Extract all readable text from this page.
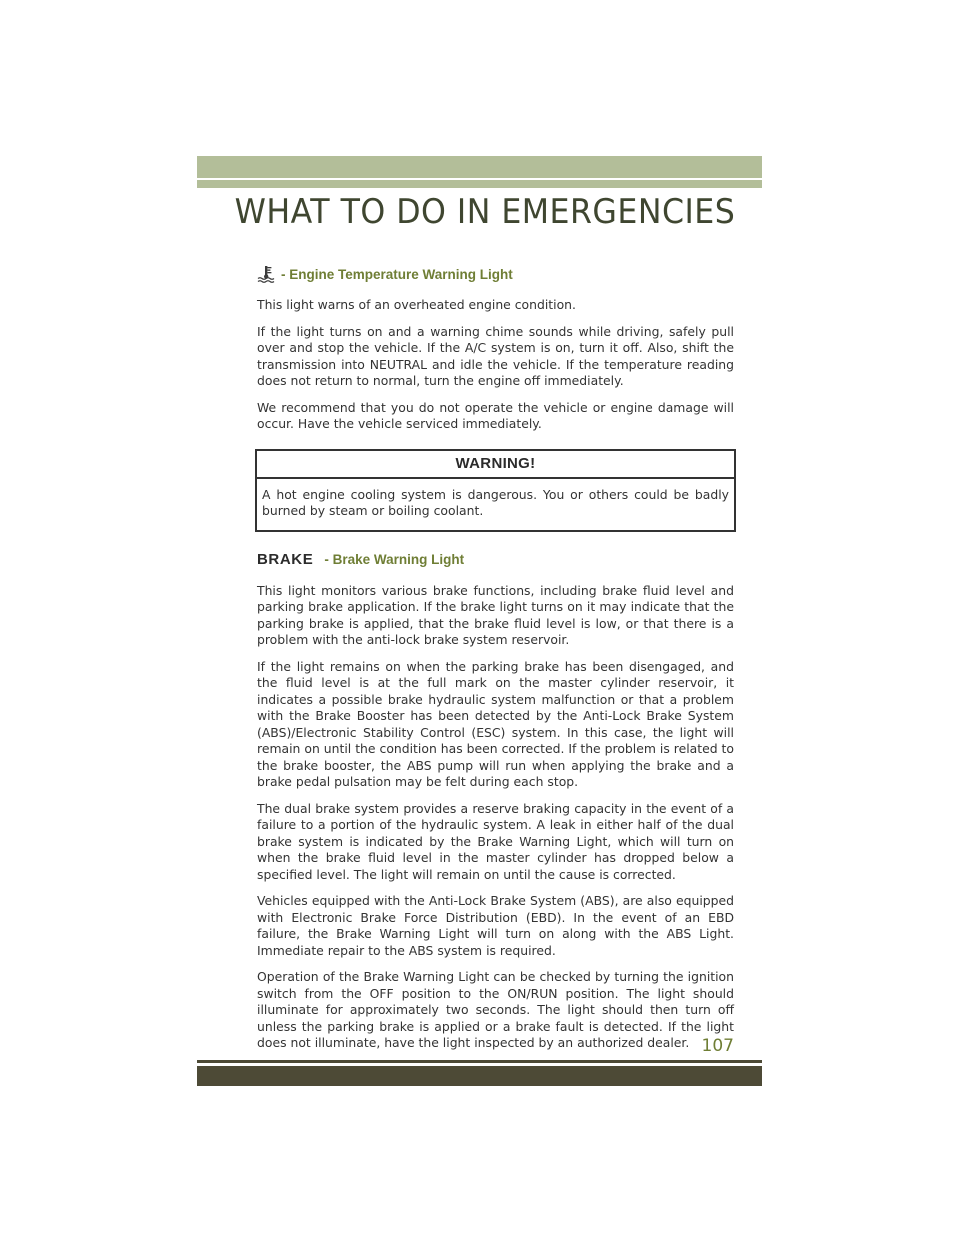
WHAT TO DO IN EMERGENCIES
- Engine Temperature Warning Light

This light warns of an overheated engine condition.

If the light turns on and a warning chime sounds while driving, safely pull over and stop the vehicle. If the A/C system is on, turn it off. Also, shift the transmission into NEUTRAL and idle the vehicle. If the temperature reading does not return to normal, turn the engine off immediately.

We recommend that you do not operate the vehicle or engine damage will occur. Have the vehicle serviced immediately.

WARNING!

A hot engine cooling system is dangerous. You or others could be badly burned by steam or boiling coolant.

BRAKE - Brake Warning Light

This light monitors various brake functions, including brake fluid level and parking brake application. If the brake light turns on it may indicate that the parking brake is applied, that the brake fluid level is low, or that there is a problem with the anti-lock brake system reservoir.

If the light remains on when the parking brake has been disengaged, and the fluid level is at the full mark on the master cylinder reservoir, it indicates a possible brake hydraulic system malfunction or that a problem with the Brake Booster has been detected by the Anti-Lock Brake System (ABS)/Electronic Stability Control (ESC) system. In this case, the light will remain on until the condition has been corrected. If the problem is related to the brake booster, the ABS pump will run when applying the brake and a brake pedal pulsation may be felt during each stop.

The dual brake system provides a reserve braking capacity in the event of a failure to a portion of the hydraulic system. A leak in either half of the dual brake system is indicated by the Brake Warning Light, which will turn on when the brake fluid level in the master cylinder has dropped below a specified level. The light will remain on until the cause is corrected.

Vehicles equipped with the Anti-Lock Brake System (ABS), are also equipped with Electronic Brake Force Distribution (EBD). In the event of an EBD failure, the Brake Warning Light will turn on along with the ABS Light. Immediate repair to the ABS system is required.

Operation of the Brake Warning Light can be checked by turning the ignition switch from the OFF position to the ON/RUN position. The light should illuminate for approximately two seconds. The light should then turn off unless the parking brake is applied or a brake fault is detected. If the light does not illuminate, have the light inspected by an authorized dealer. 107
